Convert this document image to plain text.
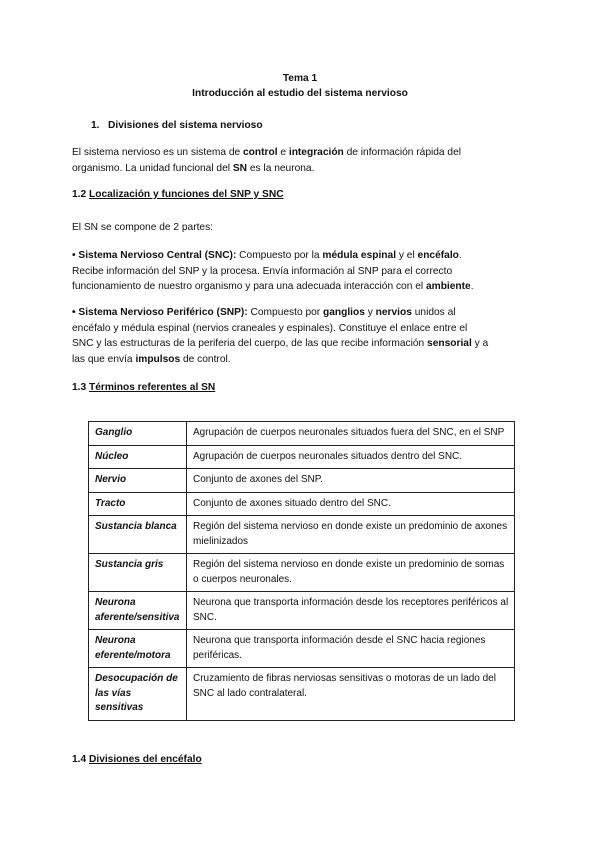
Tema 1
Introducción al estudio del sistema nervioso
1. Divisiones del sistema nervioso
El sistema nervioso es un sistema de control e integración de información rápida del
organismo. La unidad funcional del SN es la neurona.
1.2 Localización y funciones del SNP y SNC
El SN se compone de 2 partes:
• Sistema Nervioso Central (SNC): Compuesto por la médula espinal y el encéfalo.
Recibe información del SNP y la procesa. Envía información al SNP para el correcto
funcionamiento de nuestro organismo y para una adecuada interacción con el ambiente.
• Sistema Nervioso Periférico (SNP): Compuesto por ganglios y nervios unidos al
encéfalo y médula espinal (nervios craneales y espinales). Constituye el enlace entre el
SNC y las estructuras de la periferia del cuerpo, de las que recibe información sensorial y a
las que envía impulsos de control.
1.3 Términos referentes al SN
Ganglio	Agrupación de cuerpos neuronales situados fuera del SNC, en el SNP
Núcleo	Agrupación de cuerpos neuronales situados dentro del SNC.
Nervio	Conjunto de axones del SNP.
Tracto	Conjunto de axones situado dentro del SNC.
Sustancia blanca	Región del sistema nervioso en donde existe un predominio de axones mielinizados
Sustancia gris	Región del sistema nervioso en donde existe un predominio de somas o cuerpos neuronales.
Neurona aferente/sensitiva	Neurona que transporta información desde los receptores periféricos al SNC.
Neurona eferente/motora	Neurona que transporta información desde el SNC hacia regiones periféricas.
Desocupación de las vías sensitivas	Cruzamiento de fibras nerviosas sensitivas o motoras de un lado del SNC al lado contralateral.
1.4 Divisiones del encéfalo
